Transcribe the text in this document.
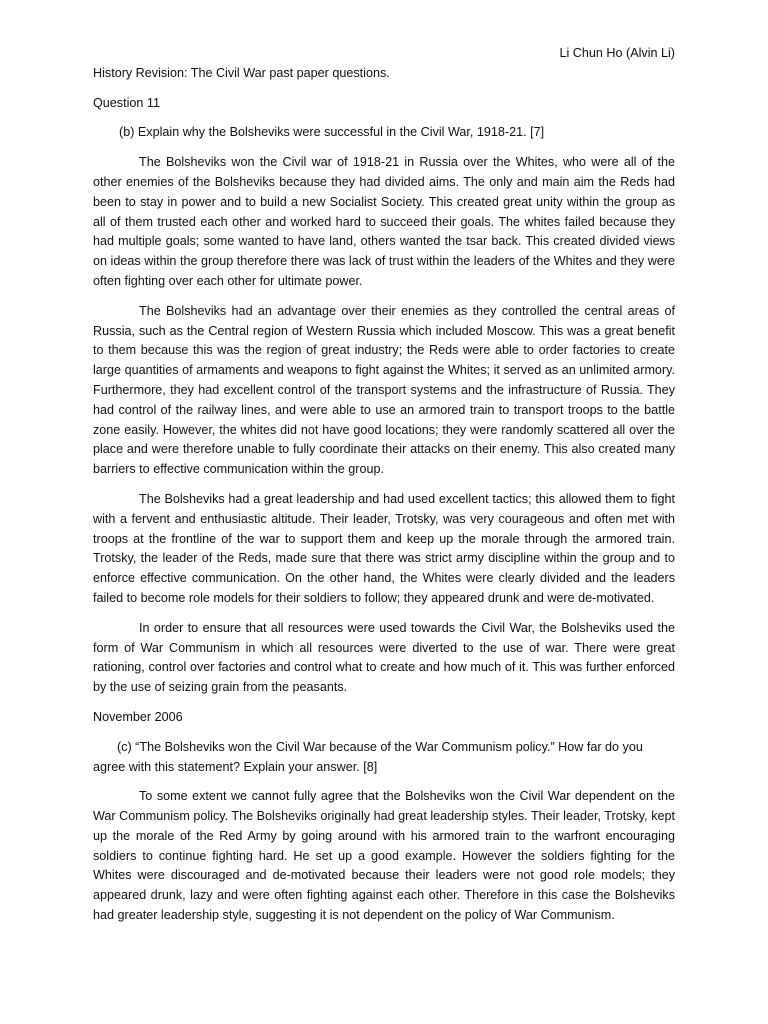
Li Chun Ho (Alvin Li)
History Revision: The Civil War past paper questions.
Question 11
(b) Explain why the Bolsheviks were successful in the Civil War, 1918-21. [7]

The Bolsheviks won the Civil war of 1918-21 in Russia over the Whites, who were all of the other enemies of the Bolsheviks because they had divided aims. The only and main aim the Reds had been to stay in power and to build a new Socialist Society. This created great unity within the group as all of them trusted each other and worked hard to succeed their goals. The whites failed because they had multiple goals; some wanted to have land, others wanted the tsar back. This created divided views on ideas within the group therefore there was lack of trust within the leaders of the Whites and they were often fighting over each other for ultimate power.

The Bolsheviks had an advantage over their enemies as they controlled the central areas of Russia, such as the Central region of Western Russia which included Moscow. This was a great benefit to them because this was the region of great industry; the Reds were able to order factories to create large quantities of armaments and weapons to fight against the Whites; it served as an unlimited armory. Furthermore, they had excellent control of the transport systems and the infrastructure of Russia. They had control of the railway lines, and were able to use an armored train to transport troops to the battle zone easily. However, the whites did not have good locations; they were randomly scattered all over the place and were therefore unable to fully coordinate their attacks on their enemy. This also created many barriers to effective communication within the group.

The Bolsheviks had a great leadership and had used excellent tactics; this allowed them to fight with a fervent and enthusiastic altitude. Their leader, Trotsky, was very courageous and often met with troops at the frontline of the war to support them and keep up the morale through the armored train. Trotsky, the leader of the Reds, made sure that there was strict army discipline within the group and to enforce effective communication. On the other hand, the Whites were clearly divided and the leaders failed to become role models for their soldiers to follow; they appeared drunk and were de-motivated.

In order to ensure that all resources were used towards the Civil War, the Bolsheviks used the form of War Communism in which all resources were diverted to the use of war. There were great rationing, control over factories and control what to create and how much of it. This was further enforced by the use of seizing grain from the peasants.

November 2006
(c) “The Bolsheviks won the Civil War because of the War Communism policy.” How far do you agree with this statement? Explain your answer. [8]

To some extent we cannot fully agree that the Bolsheviks won the Civil War dependent on the War Communism policy. The Bolsheviks originally had great leadership styles. Their leader, Trotsky, kept up the morale of the Red Army by going around with his armored train to the warfront encouraging soldiers to continue fighting hard. He set up a good example. However the soldiers fighting for the Whites were discouraged and de-motivated because their leaders were not good role models; they appeared drunk, lazy and were often fighting against each other. Therefore in this case the Bolsheviks had greater leadership style, suggesting it is not dependent on the policy of War Communism.
